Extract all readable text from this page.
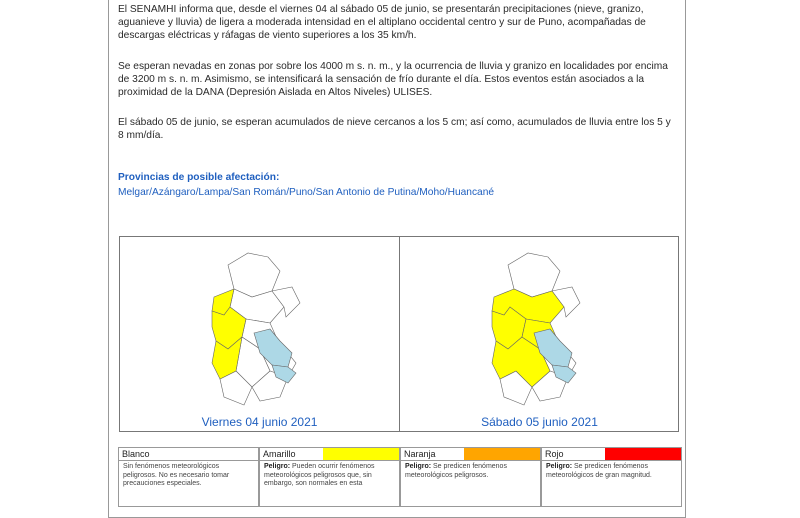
El SENAMHI informa que, desde el viernes 04 al sábado 05 de junio, se presentarán precipitaciones (nieve, granizo, aguanieve y lluvia) de ligera a moderada intensidad en el altiplano occidental centro y sur de Puno, acompañadas de descargas eléctricas y ráfagas de viento superiores a los 35 km/h.

Se esperan nevadas en zonas por sobre los 4000 m s. n. m., y la ocurrencia de lluvia y granizo en localidades por encima de 3200 m s. n. m. Asimismo, se intensificará la sensación de frío durante el día. Estos eventos están asociados a la proximidad de la DANA (Depresión Aislada en Altos Niveles) ULISES.

El sábado 05 de junio, se esperan acumulados de nieve cercanos a los 5 cm; así como, acumulados de lluvia entre los 5 y 8 mm/día.

Provincias de posible afectación:
Melgar/Azángaro/Lampa/San Román/Puno/San Antonio de Putina/Moho/Huancané
Viernes 04 junio 2021	Sábado 05 junio 2021
Blanco
Sin fenómenos meteorológicos peligrosos. No es necesario tomar precauciones especiales.
Amarillo
Peligro: Pueden ocurrir fenómenos meteorológicos peligrosos que, sin embargo, son normales en esta
Naranja
Peligro: Se predicen fenómenos meteorológicos peligrosos.
Rojo
Peligro: Se predicen fenómenos meteorológicos de gran magnitud.
